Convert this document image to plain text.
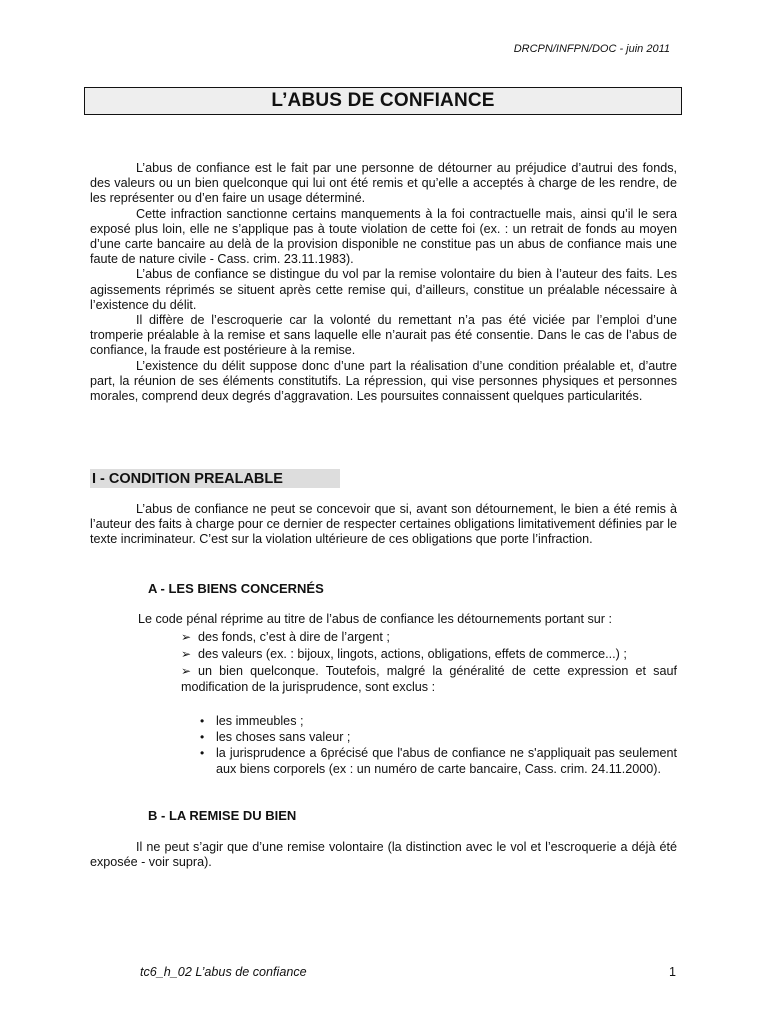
DRCPN/INFPN/DOC - juin 2011
L’ABUS DE CONFIANCE

L’abus de confiance est le fait par une personne de détourner au préjudice d’autrui des fonds, des valeurs ou un bien quelconque qui lui ont été remis et qu’elle a acceptés à charge de les rendre, de les représenter ou d’en faire un usage déterminé.

Cette infraction sanctionne certains manquements à la foi contractuelle mais, ainsi qu’il le sera exposé plus loin, elle ne s’applique pas à toute violation de cette foi (ex. : un retrait de fonds au moyen d’une carte bancaire au delà de la provision disponible ne constitue pas un abus de confiance mais une faute de nature civile - Cass. crim. 23.11.1983).

L’abus de confiance se distingue du vol par la remise volontaire du bien à l’auteur des faits. Les agissements réprimés se situent après cette remise qui, d’ailleurs, constitue un préalable nécessaire à l’existence du délit.

Il diffère de l’escroquerie car la volonté du remettant n’a pas été viciée par l’emploi d’une tromperie préalable à la remise et sans laquelle elle n’aurait pas été consentie. Dans le cas de l’abus de confiance, la fraude est postérieure à la remise.

L’existence du délit suppose donc d’une part la réalisation d’une condition préalable et, d’autre part, la réunion de ses éléments constitutifs. La répression, qui vise personnes physiques et personnes morales, comprend deux degrés d’aggravation. Les poursuites connaissent quelques particularités.

I - CONDITION PREALABLE

L’abus de confiance ne peut se concevoir que si, avant son détournement, le bien a été remis à l’auteur des faits à charge pour ce dernier de respecter certaines obligations limitativement définies par le texte incriminateur. C’est sur la violation ultérieure de ces obligations que porte l’infraction.

A - LES BIENS CONCERNÉS
Le code pénal réprime au titre de l’abus de confiance les détournements portant sur :
➢ des fonds, c’est à dire de l’argent ;
➢ des valeurs (ex. : bijoux, lingots, actions, obligations, effets de commerce...) ;
➢ un bien quelconque. Toutefois, malgré la généralité de cette expression et sauf modification de la jurisprudence, sont exclus :
• les immeubles ;
• les choses sans valeur ;
• la jurisprudence a 6précisé que l'abus de confiance ne s'appliquait pas seulement aux biens corporels (ex : un numéro de carte bancaire, Cass. crim. 24.11.2000).
B - LA REMISE DU BIEN

Il ne peut s’agir que d’une remise volontaire (la distinction avec le vol et l’escroquerie a déjà été exposée - voir supra).

tc6_h_02 L’abus de confiance	1
